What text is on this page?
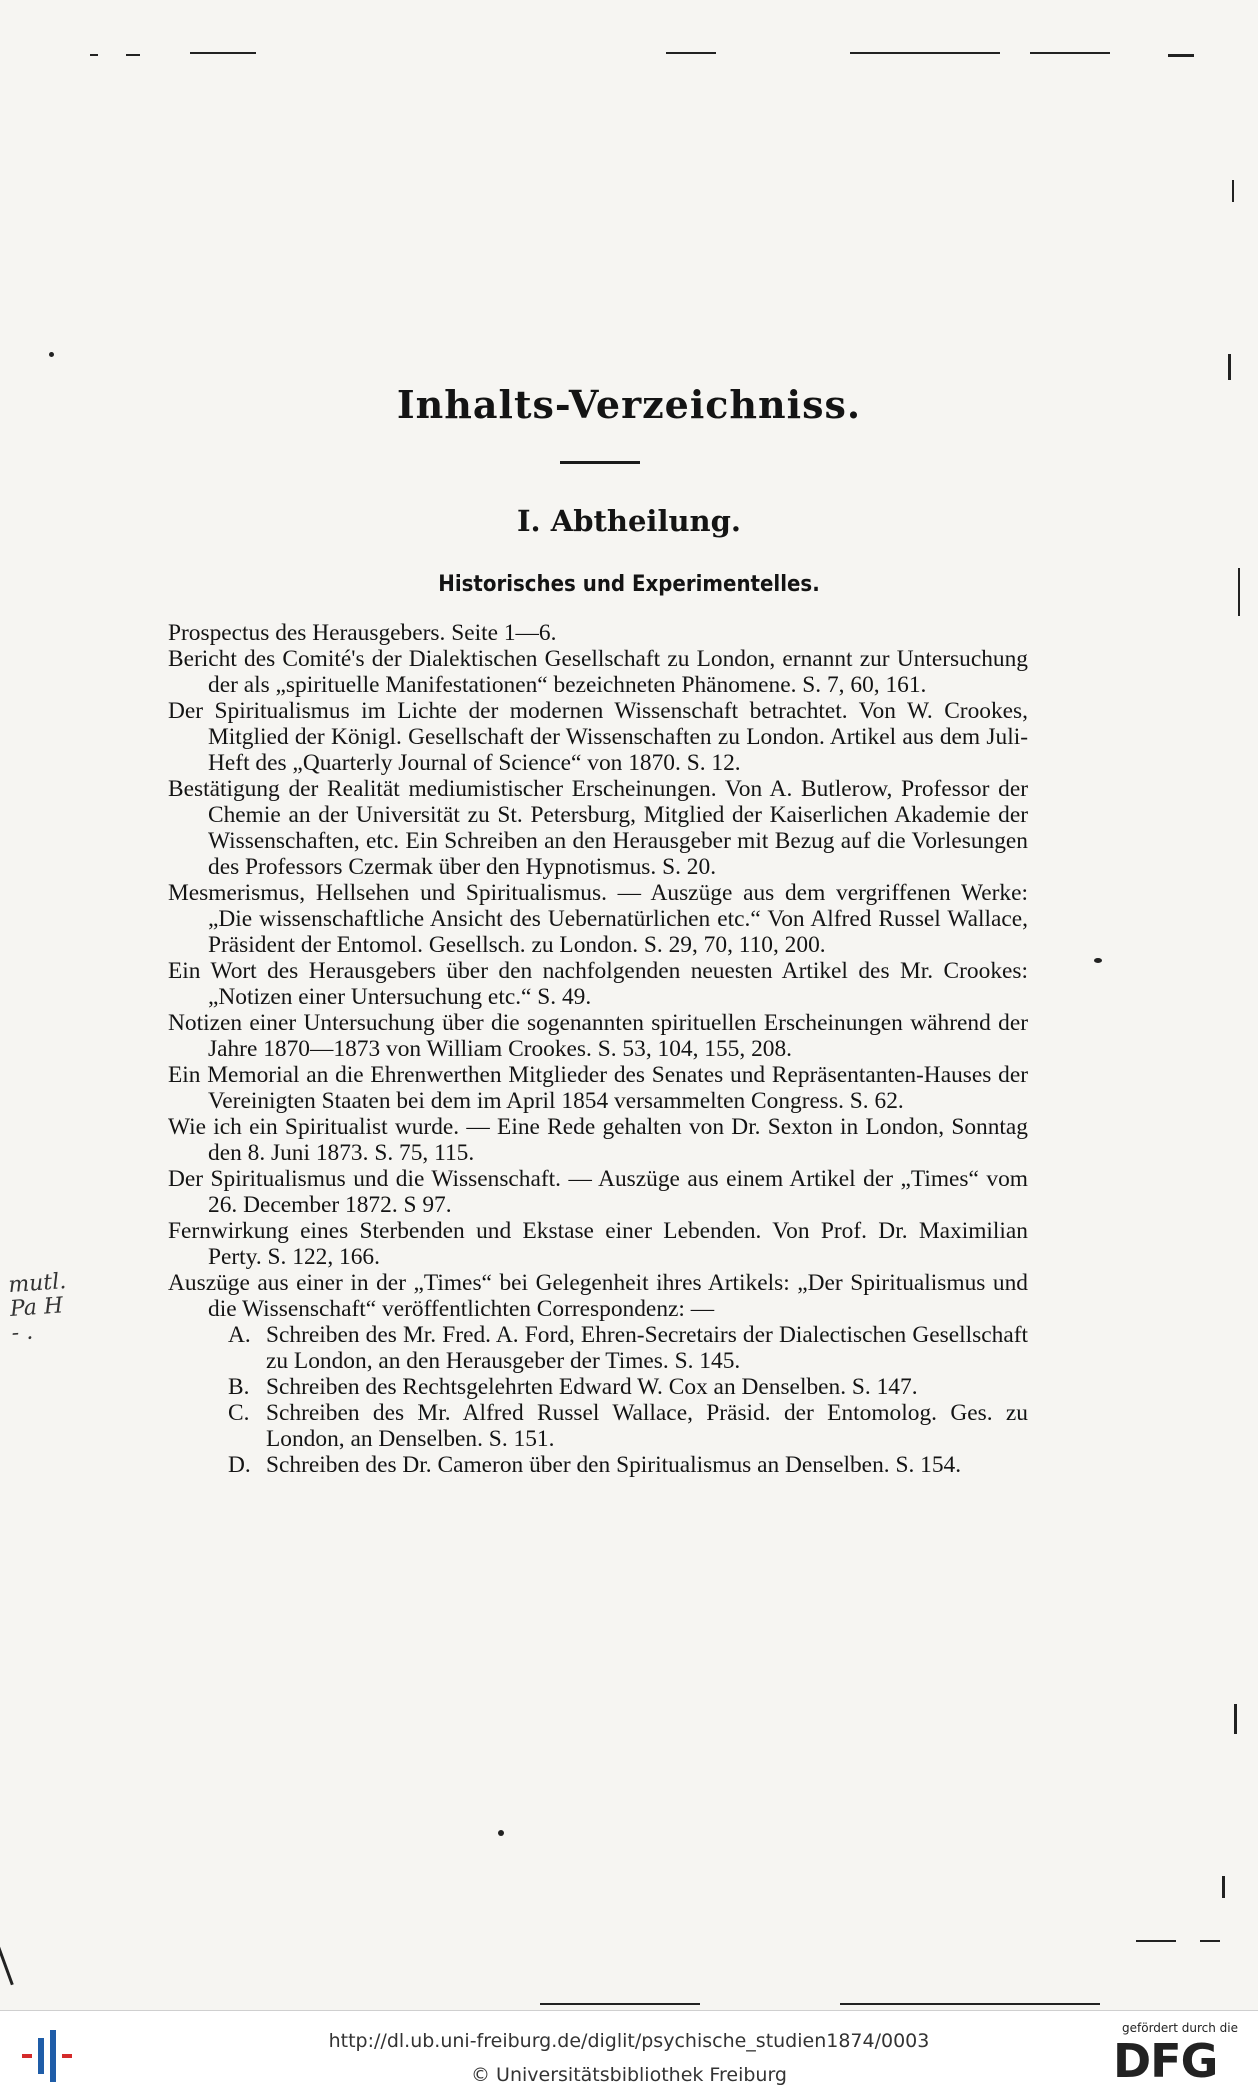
Inhalts-Verzeichniss.
I. Abtheilung.
Historisches und Experimentelles.
Prospectus des Herausgebers. Seite 1—6.
Bericht des Comité's der Dialektischen Gesellschaft zu London, ernannt zur Untersuchung der als „spirituelle Manifestationen“ bezeichneten Phänomene. S. 7, 60, 161.
Der Spiritualismus im Lichte der modernen Wissenschaft betrachtet. Von W. Crookes, Mitglied der Königl. Gesellschaft der Wissenschaften zu London. Artikel aus dem Juli-Heft des „Quarterly Journal of Science“ von 1870. S. 12.
Bestätigung der Realität mediumistischer Erscheinungen. Von A. Butlerow, Professor der Chemie an der Universität zu St. Petersburg, Mitglied der Kaiserlichen Akademie der Wissenschaften, etc. Ein Schreiben an den Herausgeber mit Bezug auf die Vorlesungen des Professors Czermak über den Hypnotismus. S. 20.
Mesmerismus, Hellsehen und Spiritualismus. — Auszüge aus dem vergriffenen Werke: „Die wissenschaftliche Ansicht des Uebernatürlichen etc.“ Von Alfred Russel Wallace, Präsident der Entomol. Gesellsch. zu London. S. 29, 70, 110, 200.
Ein Wort des Herausgebers über den nachfolgenden neuesten Artikel des Mr. Crookes: „Notizen einer Untersuchung etc.“ S. 49.
Notizen einer Untersuchung über die sogenannten spirituellen Erscheinungen während der Jahre 1870—1873 von William Crookes. S. 53, 104, 155, 208.
Ein Memorial an die Ehrenwerthen Mitglieder des Senates und Repräsentanten-Hauses der Vereinigten Staaten bei dem im April 1854 versammelten Congress. S. 62.
Wie ich ein Spiritualist wurde. — Eine Rede gehalten von Dr. Sexton in London, Sonntag den 8. Juni 1873. S. 75, 115.
Der Spiritualismus und die Wissenschaft. — Auszüge aus einem Artikel der „Times“ vom 26. December 1872. S 97.
Fernwirkung eines Sterbenden und Ekstase einer Lebenden. Von Prof. Dr. Maximilian Perty. S. 122, 166.
Auszüge aus einer in der „Times“ bei Gelegenheit ihres Artikels: „Der Spiritualismus und die Wissenschaft“ veröffentlichten Correspondenz: —
A. Schreiben des Mr. Fred. A. Ford, Ehren-Secretairs der Dialectischen Gesellschaft zu London, an den Herausgeber der Times. S. 145.
B. Schreiben des Rechtsgelehrten Edward W. Cox an Denselben. S. 147.
C. Schreiben des Mr. Alfred Russel Wallace, Präsid. der Entomolog. Ges. zu London, an Denselben. S. 151.
D. Schreiben des Dr. Cameron über den Spiritualismus an Denselben. S. 154.
mutl.
Pa H
- .
http://dl.ub.uni-freiburg.de/diglit/psychische_studien1874/0003
© Universitätsbibliothek Freiburg
gefördert durch die
DFG
